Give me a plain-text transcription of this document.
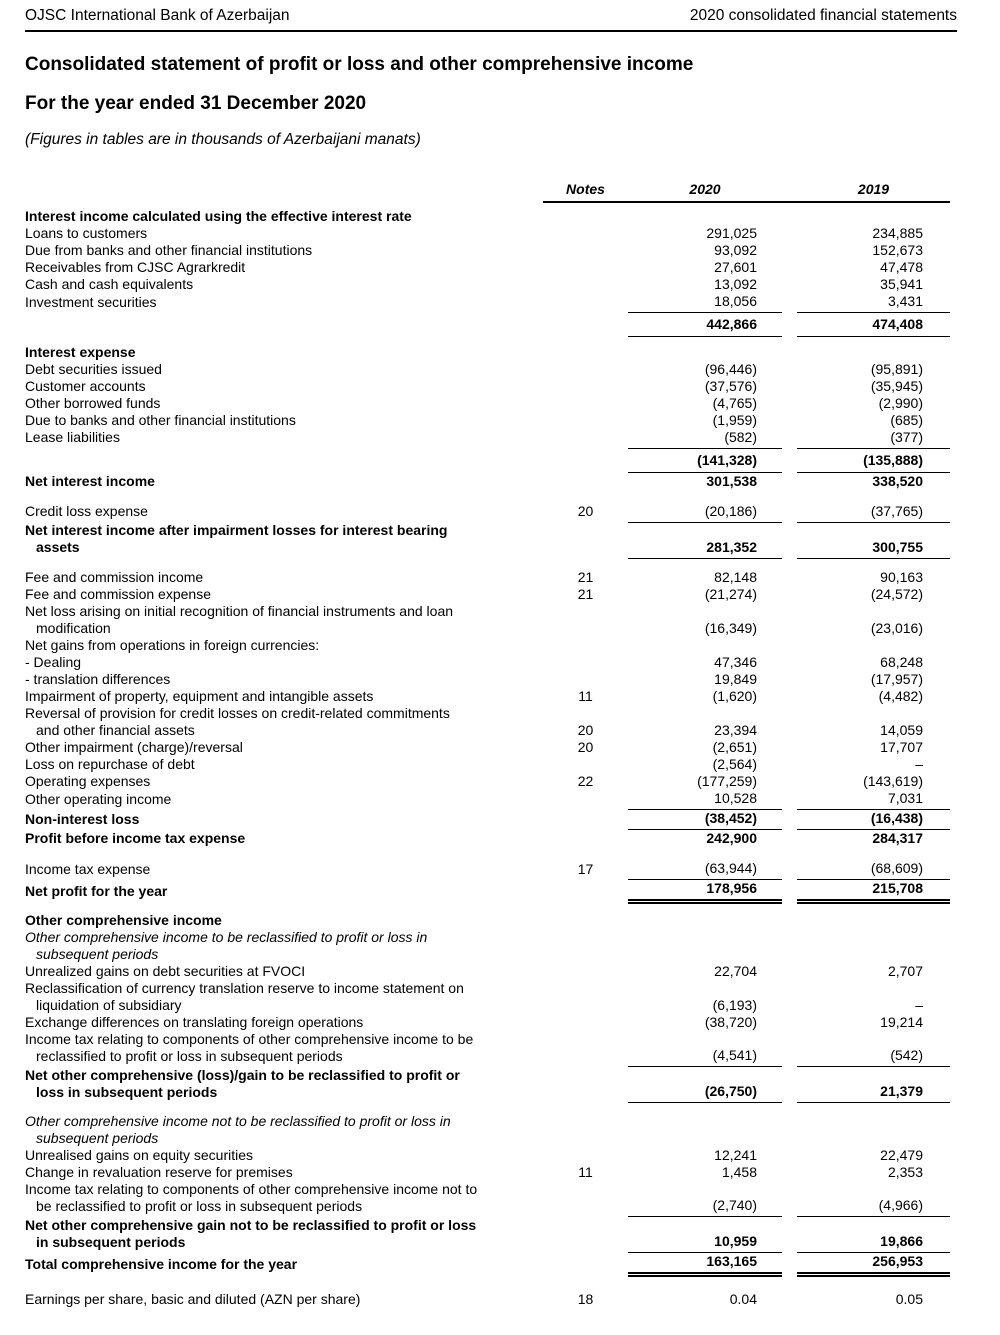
OJSC International Bank of Azerbaijan	2020 consolidated financial statements
Consolidated statement of profit or loss and other comprehensive income
For the year ended 31 December 2020
(Figures in tables are in thousands of Azerbaijani manats)
	Notes	2020		2019

Interest income calculated using the effective interest rate				

Loans to customers		291,025		234,885

Due from banks and other financial institutions		93,092		152,673

Receivables from CJSC Agrarkredit		27,601		47,478

Cash and cash equivalents		13,092		35,941

Investment securities		18,056		3,431

		442,866		474,408

Interest expense				

Debt securities issued		(96,446)		(95,891)

Customer accounts		(37,576)		(35,945)

Other borrowed funds		(4,765)		(2,990)

Due to banks and other financial institutions		(1,959)		(685)

Lease liabilities		(582)		(377)

		(141,328)		(135,888)

Net interest income		301,538		338,520

Credit loss expense	20	(20,186)		(37,765)

Net interest income after impairment losses for interest bearing
assets		281,352		300,755

Fee and commission income	21	82,148		90,163

Fee and commission expense	21	(21,274)		(24,572)

Net loss arising on initial recognition of financial instruments and loan
modification		(16,349)		(23,016)

Net gains from operations in foreign currencies:				

- Dealing		47,346		68,248

- translation differences		19,849		(17,957)

Impairment of property, equipment and intangible assets	11	(1,620)		(4,482)

Reversal of provision for credit losses on credit-related commitments
and other financial assets	20	23,394		14,059

Other impairment (charge)/reversal	20	(2,651)		17,707

Loss on repurchase of debt		(2,564)		–

Operating expenses	22	(177,259)		(143,619)

Other operating income		10,528		7,031

Non-interest loss		(38,452)		(16,438)

Profit before income tax expense		242,900		284,317

Income tax expense	17	(63,944)		(68,609)

Net profit for the year		178,956		215,708

Other comprehensive income				

Other comprehensive income to be reclassified to profit or loss in
subsequent periods				

Unrealized gains on debt securities at FVOCI		22,704		2,707

Reclassification of currency translation reserve to income statement on
liquidation of subsidiary		(6,193)		–

Exchange differences on translating foreign operations		(38,720)		19,214

Income tax relating to components of other comprehensive income to be
reclassified to profit or loss in subsequent periods		(4,541)		(542)

Net other comprehensive (loss)/gain to be reclassified to profit or
loss in subsequent periods		(26,750)		21,379

Other comprehensive income not to be reclassified to profit or loss in
subsequent periods				

Unrealised gains on equity securities		12,241		22,479

Change in revaluation reserve for premises	11	1,458		2,353

Income tax relating to components of other comprehensive income not to
be reclassified to profit or loss in subsequent periods		(2,740)		(4,966)

Net other comprehensive gain not to be reclassified to profit or loss
in subsequent periods		10,959		19,866

Total comprehensive income for the year		163,165		256,953

Earnings per share, basic and diluted (AZN per share)	18	0.04		0.05
